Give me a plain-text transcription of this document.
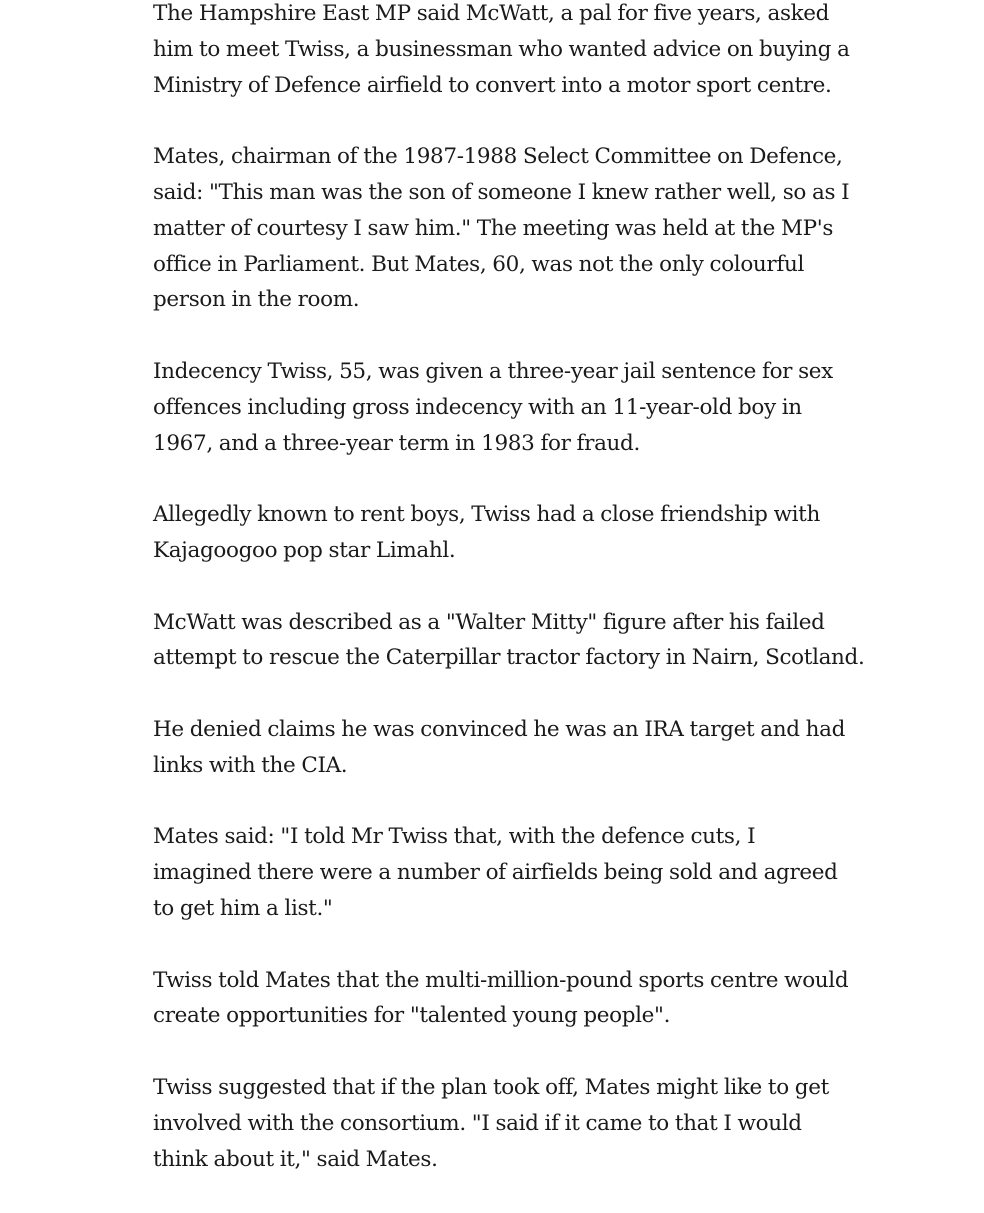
The Hampshire East MP said McWatt, a pal for five years, asked
him to meet Twiss, a businessman who wanted advice on buying a
Ministry of Defence airfield to convert into a motor sport centre.

Mates, chairman of the 1987-1988 Select Committee on Defence,
said: "This man was the son of someone I knew rather well, so as I
matter of courtesy I saw him." The meeting was held at the MP's
office in Parliament. But Mates, 60, was not the only colourful
person in the room.

Indecency Twiss, 55, was given a three-year jail sentence for sex
offences including gross indecency with an 11-year-old boy in
1967, and a three-year term in 1983 for fraud.

Allegedly known to rent boys, Twiss had a close friendship with
Kajagoogoo pop star Limahl.

McWatt was described as a "Walter Mitty" figure after his failed
attempt to rescue the Caterpillar tractor factory in Nairn, Scotland.

He denied claims he was convinced he was an IRA target and had
links with the CIA.

Mates said: "I told Mr Twiss that, with the defence cuts, I
imagined there were a number of airfields being sold and agreed
to get him a list."

Twiss told Mates that the multi-million-pound sports centre would
create opportunities for "talented young people".

Twiss suggested that if the plan took off, Mates might like to get
involved with the consortium. "I said if it came to that I would
think about it," said Mates.
